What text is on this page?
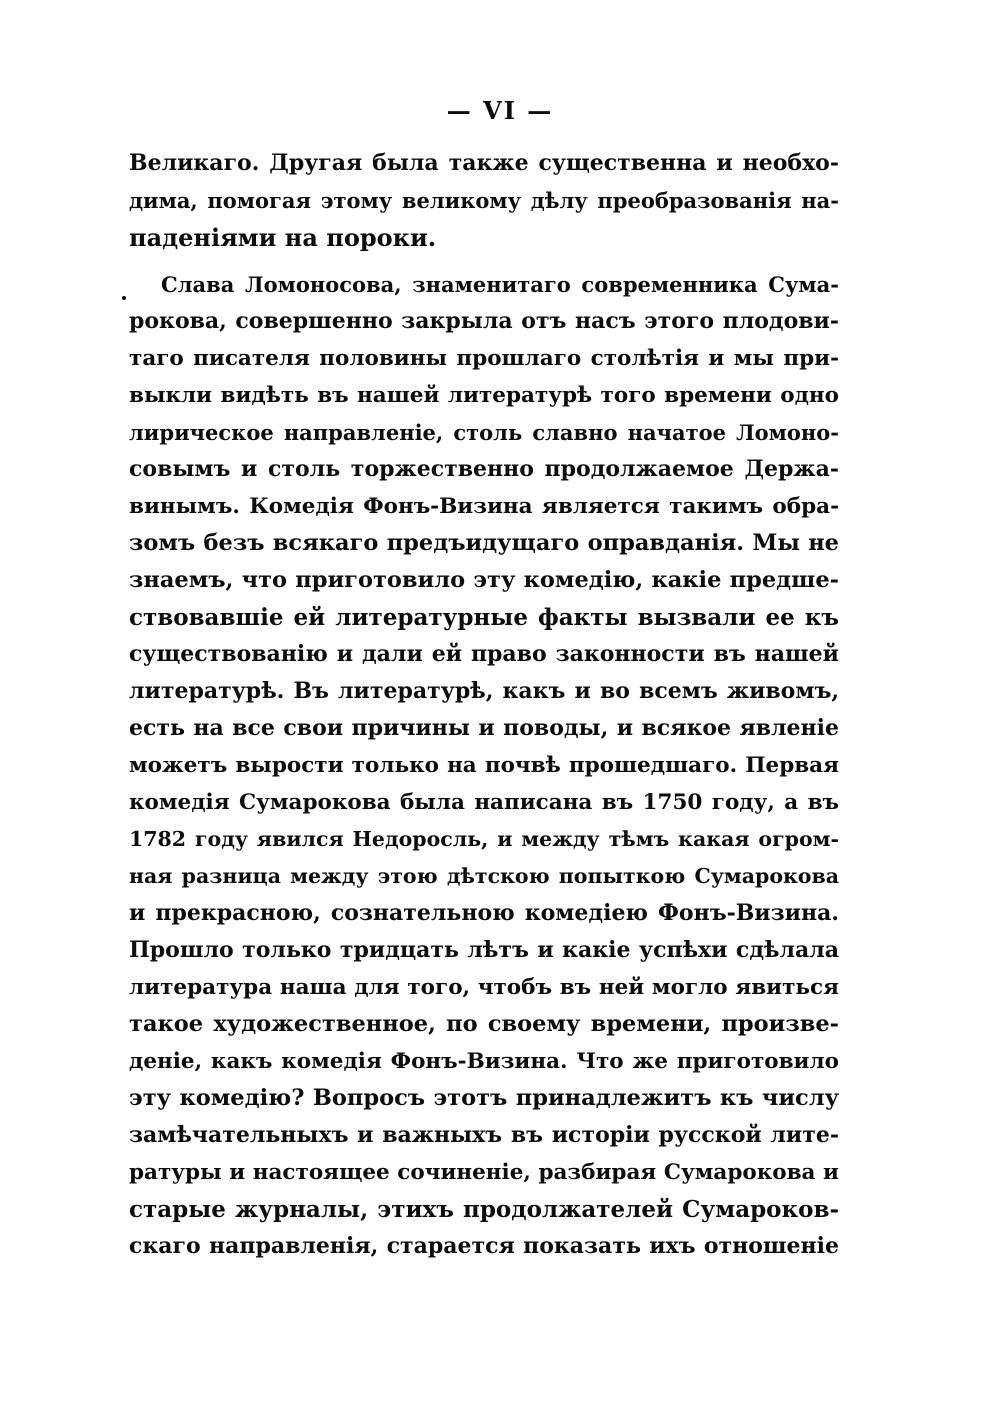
— VI —
Великаго. Другая была также существенна и необхо-
дима, помогая этому великому дѣлу преобразованія на-
паденіями на пороки.
Слава Ломоносова, знаменитаго современника Сума-
рокова, совершенно закрыла отъ насъ этого плодови-
таго писателя половины прошлаго столѣтія и мы при-
выкли видѣть въ нашей литературѣ того времени одно
лирическое направленіе, столь славно начатое Ломоно-
совымъ и столь торжественно продолжаемое Держа-
винымъ. Комедія Фонъ-Визина является такимъ обра-
зомъ безъ всякаго предъидущаго оправданія. Мы не
знаемъ, что приготовило эту комедію, какіе предше-
ствовавшіе ей литературные факты вызвали ее къ
существованію и дали ей право законности въ нашей
литературѣ. Въ литературѣ, какъ и во всемъ живомъ,
есть на все свои причины и поводы, и всякое явленіе
можетъ вырости только на почвѣ прошедшаго. Первая
комедія Сумарокова была написана въ 1750 году, а въ
1782 году явился Недоросль, и между тѣмъ какая огром-
ная разница между этою дѣтскою попыткою Сумарокова
и прекрасною, сознательною комедіею Фонъ-Визина.
Прошло только тридцать лѣтъ и какіе успѣхи сдѣлала
литература наша для того, чтобъ въ ней могло явиться
такое художественное, по своему времени, произве-
деніе, какъ комедія Фонъ-Визина. Что же приготовило
эту комедію? Вопросъ этотъ принадлежитъ къ числу
замѣчательныхъ и важныхъ въ исторіи русской лите-
ратуры и настоящее сочиненіе, разбирая Сумарокова и
старые журналы, этихъ продолжателей Сумароков-
скаго направленія, старается показать ихъ отношеніе
